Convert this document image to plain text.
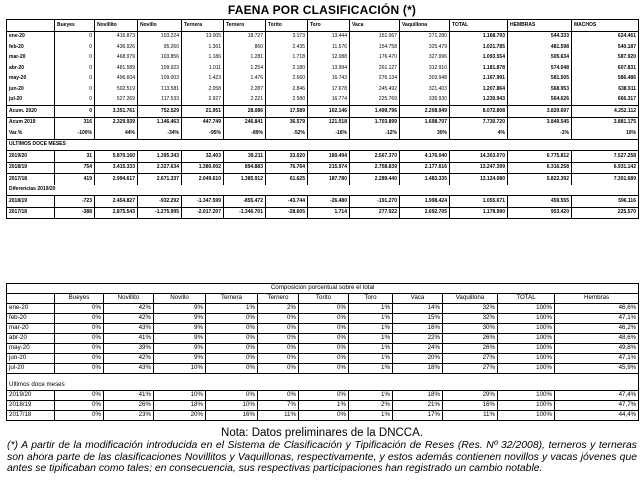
FAENA POR CLASIFICACIÓN (*)
	Bueyes	Novillito	Novillo	Ternera	Ternero	Torito	Toro	Vaca	Vaquillona	TOTAL	HEMBRAS	MACHOS
ene-20	0	416.873	103.224	13.005	18.727	3.173	13.444	151.067	271.280	1.168.793	544.333	624.461
feb-20	0	436.926	95.260	1.361	860	2.435	11.576	154.758	325.479	1.021.785	481.598	540.187
mar-20	0	468.979	103.856	1.186	1.281	1.718	12.088	176.470	327.996	1.093.554	505.634	587.920
abr-20	0	481.589	109.923	1.011	1.254	2.180	13.994	261.127	312.910	1.181.878	574.048	607.831
may-20	0	496.604	109.003	1.423	1.476	2.660	16.743	276.134	303.948	1.167.991	581.505	586.486
jun-20	0	502.519	113.581	2.058	2.287	2.846	17.678	245.492	321.403	1.207.864	568.953	638.911
jul-20	0	527.269	117.533	2.927	2.221	2.580	16.774	225.769	335.930	1.230.943	564.626	666.317
Acum. 2020	0	3.351.761	752.529	21.951	28.086	17.589	102.146	1.499.796	2.208.949	8.072.808	3.820.697	4.252.112
Acum 2019	316	2.329.939	1.146.463	447.749	246.841	36.579	121.018	1.703.899	1.698.707	7.730.720	3.849.545	3.881.175
Var.%	-100%	44%	-34%	-95%	-89%	-52%	-16%	-12%	30%	4%	-1%	10%
ULTIMOS DOCE MESES												
2019/20	31	5.870.160	1.395.343	32.403	39.211	33.020	189.494	2.567.370	4.176.040	14.303.070	6.775.812	7.527.258
2018/19	754	3.415.333	2.327.634	1.380.002	894.883	76.764	215.974	2.758.839	2.177.616	13.247.399	6.316.258	6.931.142
2017/18	419	2.994.617	2.671.337	2.049.610	1.385.912	61.625	187.780	2.289.440	1.483.335	13.124.080	5.822.392	7.301.689
Diferencias 2019/20												
2018/19	-723	2.454.827	-932.292	-1.347.599	-855.472	-43.744	-26.480	-191.270	1.998.424	1.055.671	459.555	596.116
2017/18	-388	2.875.543	-1.275.995	-2.017.207	-1.346.701	-28.605	1.714	277.922	2.692.705	1.178.990	953.420	225.570
Composición porcentual sobre el total											
	Bueyes	Novillito	Novillo	Ternera	Ternero	Torito	Toro	Vaca	Vaquillona	TOTAL	Hembras
ene-20	0%	42%	9%	1%	2%	0%	1%	14%	32%	100%	46,6%
feb-20	0%	42%	9%	0%	0%	0%	1%	15%	32%	100%	47,1%
mar-20	0%	43%	9%	0%	0%	0%	1%	16%	30%	100%	46,2%
abr-20	0%	41%	9%	0%	0%	0%	1%	22%	26%	100%	48,6%
may-20	0%	39%	9%	0%	0%	0%	1%	24%	26%	100%	49,8%
jun-20	0%	42%	9%	0%	0%	0%	1%	20%	27%	100%	47,1%
jul-20	0%	43%	10%	0%	0%	0%	1%	18%	27%	100%	45,9%

Ultimos doce meses											
2019/20	0%	41%	10%	0%	0%	0%	1%	18%	29%	100%	47,4%
2018/19	0%	26%	18%	10%	7%	1%	2%	21%	16%	100%	47,7%
2017/18	0%	23%	20%	16%	11%	0%	1%	17%	11%	100%	44,4%
Nota: Datos preliminares de la DNCCA.
(*) A partir de la modificación introducida en el Sistema de Clasificación y Tipificación de Reses (Res. Nº 32/2008), terneros y terneras son ahora parte de las clasificaciones Novillitos y Vaquillonas, respectivamente, y estos además contienen novillos y vacas jóvenes que antes se tipificaban como tales; en consecuencia, sus respectivas participaciones han registrado un cambio notable.
